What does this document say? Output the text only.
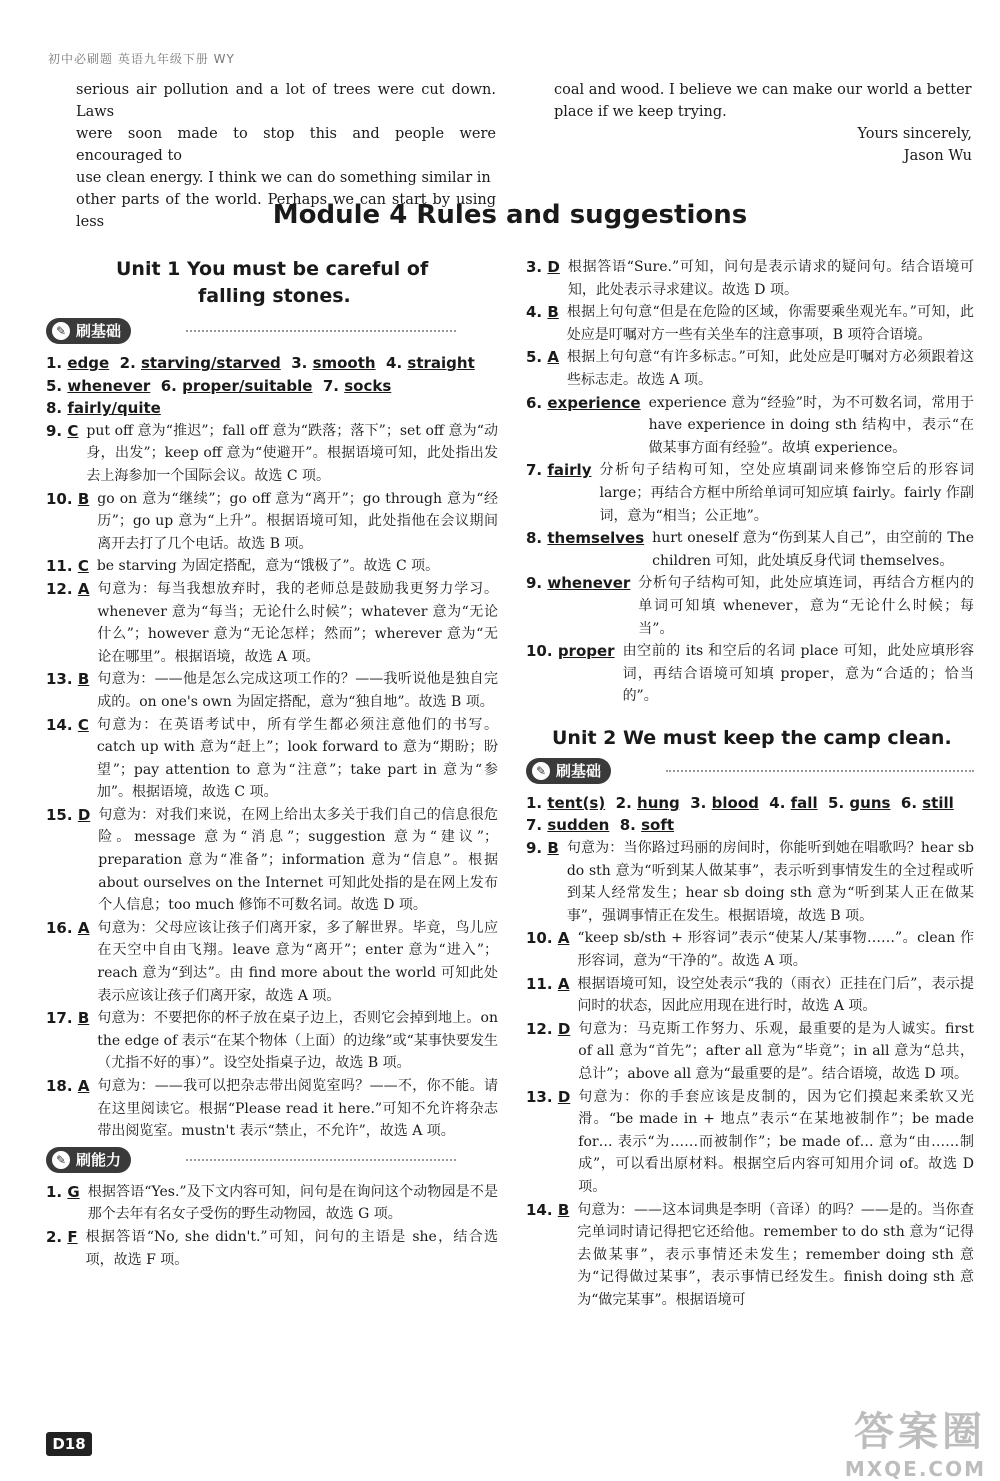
初中必刷题 英语九年级下册 WY
serious air pollution and a lot of trees were cut down. Laws
were soon made to stop this and people were encouraged to
use clean energy. I think we can do something similar in
other parts of the world. Perhaps we can start by using less
coal and wood. I believe we can make our world a better
place if we keep trying.
Yours sincerely,
Jason Wu
Module 4 Rules and suggestions
Unit 1 You must be careful of
falling stones.
✎ 刷基础
1. edge 2. starving/starved 3. smooth 4. straight
5. whenever 6. proper/suitable 7. socks
8. fairly/quite
9. C put off 意为“推迟”；fall off 意为“跌落；落下”；set off 意为“动身，出发”；keep off 意为“使避开”。根据语境可知，此处指出发去上海参加一个国际会议。故选 C 项。
10. B go on 意为“继续”；go off 意为“离开”；go through 意为“经历”；go up 意为“上升”。根据语境可知，此处指他在会议期间离开去打了几个电话。故选 B 项。
11. C be starving 为固定搭配，意为“饿极了”。故选 C 项。
12. A 句意为：每当我想放弃时，我的老师总是鼓励我更努力学习。whenever 意为“每当；无论什么时候”；whatever 意为“无论什么”；however 意为“无论怎样；然而”；wherever 意为“无论在哪里”。根据语境，故选 A 项。
13. B 句意为：——他是怎么完成这项工作的？——我听说他是独自完成的。on one's own 为固定搭配，意为“独自地”。故选 B 项。
14. C 句意为：在英语考试中，所有学生都必须注意他们的书写。catch up with 意为“赶上”；look forward to 意为“期盼；盼望”；pay attention to 意为“注意”；take part in 意为“参加”。根据语境，故选 C 项。
15. D 句意为：对我们来说，在网上给出太多关于我们自己的信息很危险。message 意为“消息”；suggestion 意为“建议”；preparation 意为“准备”；information 意为“信息”。根据 about ourselves on the Internet 可知此处指的是在网上发布个人信息；too much 修饰不可数名词。故选 D 项。
16. A 句意为：父母应该让孩子们离开家，多了解世界。毕竟，鸟儿应在天空中自由飞翔。leave 意为“离开”；enter 意为“进入”；reach 意为“到达”。由 find more about the world 可知此处表示应该让孩子们离开家，故选 A 项。
17. B 句意为：不要把你的杯子放在桌子边上，否则它会掉到地上。on the edge of 表示“在某个物体（上面）的边缘”或“某事快要发生（尤指不好的事）”。设空处指桌子边，故选 B 项。
18. A 句意为：——我可以把杂志带出阅览室吗？——不，你不能。请在这里阅读它。根据“Please read it here.”可知不允许将杂志带出阅览室。mustn't 表示“禁止，不允许”，故选 A 项。
✎ 刷能力
1. G 根据答语“Yes.”及下文内容可知，问句是在询问这个动物园是不是那个去年有名女子受伤的野生动物园，故选 G 项。
2. F 根据答语“No, she didn't.”可知，问句的主语是 she，结合选项，故选 F 项。
3. D 根据答语“Sure.”可知，问句是表示请求的疑问句。结合语境可知，此处表示寻求建议。故选 D 项。
4. B 根据上句句意“但是在危险的区域，你需要乘坐观光车。”可知，此处应是叮嘱对方一些有关坐车的注意事项，B 项符合语境。
5. A 根据上句句意“有许多标志。”可知，此处应是叮嘱对方必须跟着这些标志走。故选 A 项。
6. experience experience 意为“经验”时，为不可数名词，常用于 have experience in doing sth 结构中，表示“在做某事方面有经验”。故填 experience。
7. fairly 分析句子结构可知，空处应填副词来修饰空后的形容词 large；再结合方框中所给单词可知应填 fairly。fairly 作副词，意为“相当；公正地”。
8. themselves hurt oneself 意为“伤到某人自己”，由空前的 The children 可知，此处填反身代词 themselves。
9. whenever 分析句子结构可知，此处应填连词，再结合方框内的单词可知填 whenever，意为“无论什么时候；每当”。
10. proper 由空前的 its 和空后的名词 place 可知，此处应填形容词，再结合语境可知填 proper，意为“合适的；恰当的”。
✎ 刷基础
1. tent(s) 2. hung 3. blood 4. fall 5. guns 6. still
7. sudden 8. soft
9. B 句意为：当你路过玛丽的房间时，你能听到她在唱歌吗？hear sb do sth 意为“听到某人做某事”，表示听到事情发生的全过程或听到某人经常发生；hear sb doing sth 意为“听到某人正在做某事”，强调事情正在发生。根据语境，故选 B 项。
10. A “keep sb/sth + 形容词”表示“使某人/某事物……”。clean 作形容词，意为“干净的”。故选 A 项。
11. A 根据语境可知，设空处表示“我的（雨衣）正挂在门后”，表示提问时的状态，因此应用现在进行时，故选 A 项。
12. D 句意为：马克斯工作努力、乐观，最重要的是为人诚实。first of all 意为“首先”；after all 意为“毕竟”；in all 意为“总共，总计”；above all 意为“最重要的是”。结合语境，故选 D 项。
13. D 句意为：你的手套应该是皮制的，因为它们摸起来柔软又光滑。“be made in + 地点”表示“在某地被制作”；be made for… 表示“为……而被制作”；be made of… 意为“由……制成”，可以看出原材料。根据空后内容可知用介词 of。故选 D 项。
14. B 句意为：——这本词典是李明（音译）的吗？——是的。当你查完单词时请记得把它还给他。remember to do sth 意为“记得去做某事”，表示事情还未发生；remember doing sth 意为“记得做过某事”，表示事情已经发生。finish doing sth 意为“做完某事”。根据语境可
Unit 2 We must keep the camp clean.
D18	答案圈
MXQE.COM
